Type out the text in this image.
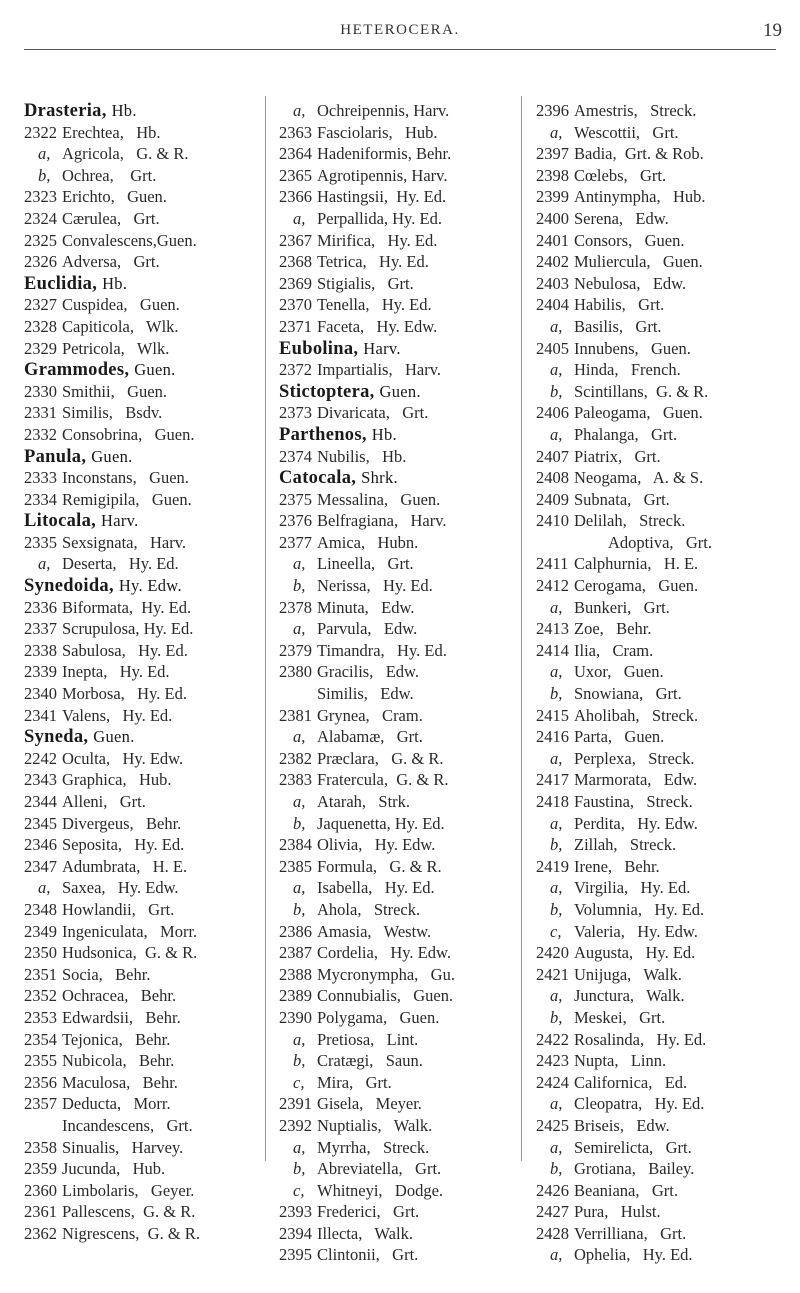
HETEROCERA.	19
Drasteria, Hb.
2322 Erechtea,   Hb.
a, Agricola,   G. & R.
b, Ochrea,    Grt.
2323 Erichto,   Guen.
2324 Cærulea,   Grt.
2325 Convalescens,Guen.
2326 Adversa,   Grt.
Euclidia, Hb.
2327 Cuspidea,   Guen.
2328 Capiticola,   Wlk.
2329 Petricola,   Wlk.
Grammodes, Guen.
2330 Smithii,   Guen.
2331 Similis,   Bsdv.
2332 Consobrina,   Guen.
Panula, Guen.
2333 Inconstans,   Guen.
2334 Remigipila,   Guen.
Litocala, Harv.
2335 Sexsignata,   Harv.
a, Deserta,   Hy. Ed.
Synedoida, Hy. Edw.
2336 Biformata,  Hy. Ed.
2337 Scrupulosa, Hy. Ed.
2338 Sabulosa,   Hy. Ed.
2339 Inepta,   Hy. Ed.
2340 Morbosa,   Hy. Ed.
2341 Valens,   Hy. Ed.
Syneda, Guen.
2242 Oculta,   Hy. Edw.
2343 Graphica,   Hub.
2344 Alleni,   Grt.
2345 Divergeus,   Behr.
2346 Seposita,   Hy. Ed.
2347 Adumbrata,   H. E.
a, Saxea,   Hy. Edw.
2348 Howlandii,   Grt.
2349 Ingeniculata,   Morr.
2350 Hudsonica,  G. & R.
2351 Socia,   Behr.
2352 Ochracea,   Behr.
2353 Edwardsii,   Behr.
2354 Tejonica,   Behr.
2355 Nubicola,   Behr.
2356 Maculosa,   Behr.
2357 Deducta,   Morr.
Incandescens,   Grt.
2358 Sinualis,   Harvey.
2359 Jucunda,   Hub.
2360 Limbolaris,   Geyer.
2361 Pallescens,  G. & R.
2362 Nigrescens,  G. & R.
a, Ochreipennis, Harv.
2363 Fasciolaris,   Hub.
2364 Hadeniformis, Behr.
2365 Agrotipennis, Harv.
2366 Hastingsii,  Hy. Ed.
a, Perpallida, Hy. Ed.
2367 Mirifica,   Hy. Ed.
2368 Tetrica,   Hy. Ed.
2369 Stigialis,   Grt.
2370 Tenella,   Hy. Ed.
2371 Faceta,   Hy. Edw.
Eubolina, Harv.
2372 Impartialis,   Harv.
Stictoptera, Guen.
2373 Divaricata,   Grt.
Parthenos, Hb.
2374 Nubilis,   Hb.
Catocala, Shrk.
2375 Messalina,   Guen.
2376 Belfragiana,   Harv.
2377 Amica,   Hubn.
a, Lineella,   Grt.
b, Nerissa,   Hy. Ed.
2378 Minuta,   Edw.
a, Parvula,   Edw.
2379 Timandra,   Hy. Ed.
2380 Gracilis,   Edw.
Similis,   Edw.
2381 Grynea,   Cram.
a, Alabamæ,   Grt.
2382 Præclara,   G. & R.
2383 Fratercula,  G. & R.
a, Atarah,   Strk.
b, Jaquenetta, Hy. Ed.
2384 Olivia,   Hy. Edw.
2385 Formula,   G. & R.
a, Isabella,   Hy. Ed.
b, Ahola,   Streck.
2386 Amasia,   Westw.
2387 Cordelia,   Hy. Edw.
2388 Mycronympha,   Gu.
2389 Connubialis,   Guen.
2390 Polygama,   Guen.
a, Pretiosa,   Lint.
b, Cratægi,   Saun.
c, Mira,   Grt.
2391 Gisela,   Meyer.
2392 Nuptialis,   Walk.
a, Myrrha,   Streck.
b, Abreviatella,   Grt.
c, Whitneyi,   Dodge.
2393 Frederici,   Grt.
2394 Illecta,   Walk.
2395 Clintonii,   Grt.
2396 Amestris,   Streck.
a, Wescottii,   Grt.
2397 Badia,  Grt. & Rob.
2398 Cœlebs,   Grt.
2399 Antinympha,   Hub.
2400 Serena,   Edw.
2401 Consors,   Guen.
2402 Muliercula,   Guen.
2403 Nebulosa,   Edw.
2404 Habilis,   Grt.
a, Basilis,   Grt.
2405 Innubens,   Guen.
a, Hinda,   French.
b, Scintillans,  G. & R.
2406 Paleogama,   Guen.
a, Phalanga,   Grt.
2407 Piatrix,   Grt.
2408 Neogama,   A. & S.
2409 Subnata,   Grt.
2410 Delilah,   Streck.
Adoptiva,   Grt.
2411 Calphurnia,   H. E.
2412 Cerogama,   Guen.
a, Bunkeri,   Grt.
2413 Zoe,   Behr.
2414 Ilia,   Cram.
a, Uxor,   Guen.
b, Snowiana,   Grt.
2415 Aholibah,   Streck.
2416 Parta,   Guen.
a, Perplexa,   Streck.
2417 Marmorata,   Edw.
2418 Faustina,   Streck.
a, Perdita,   Hy. Edw.
b, Zillah,   Streck.
2419 Irene,   Behr.
a, Virgilia,   Hy. Ed.
b, Volumnia,   Hy. Ed.
c, Valeria,   Hy. Edw.
2420 Augusta,   Hy. Ed.
2421 Unijuga,   Walk.
a, Junctura,   Walk.
b, Meskei,   Grt.
2422 Rosalinda,   Hy. Ed.
2423 Nupta,   Linn.
2424 Californica,   Ed.
a, Cleopatra,   Hy. Ed.
2425 Briseis,   Edw.
a, Semirelicta,   Grt.
b, Grotiana,   Bailey.
2426 Beaniana,   Grt.
2427 Pura,   Hulst.
2428 Verrilliana,   Grt.
a, Ophelia,   Hy. Ed.
